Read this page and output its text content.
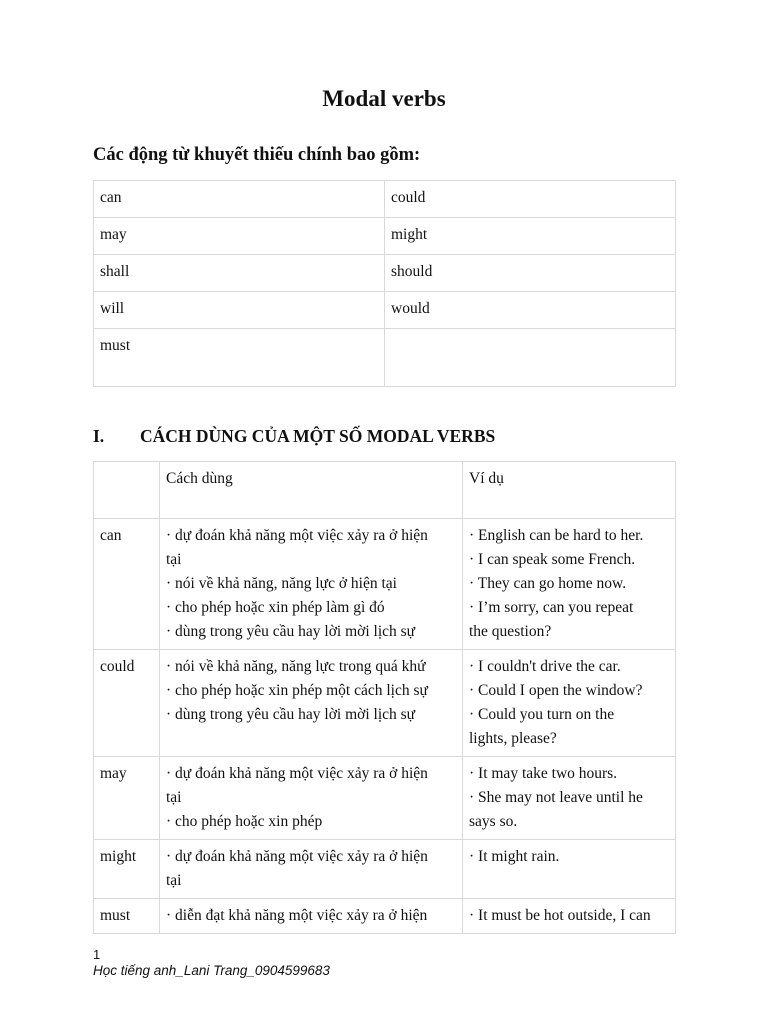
Modal verbs
Các động từ khuyết thiếu chính bao gồm:
can	could
may	might
shall	should
will	would
must	
I. CÁCH DÙNG CỦA MỘT SỐ MODAL VERBS
	Cách dùng	Ví dụ
can	· dự đoán khả năng một việc xảy ra ở hiện
tại
· nói về khả năng, năng lực ở hiện tại
· cho phép hoặc xin phép làm gì đó
· dùng trong yêu cầu hay lời mời lịch sự	· English can be hard to her.
· I can speak some French.
· They can go home now.
· I’m sorry, can you repeat
the question?

could	· nói về khả năng, năng lực trong quá khứ
· cho phép hoặc xin phép một cách lịch sự
· dùng trong yêu cầu hay lời mời lịch sự	· I couldn't drive the car.
· Could I open the window?
· Could you turn on the
lights, please?

may	· dự đoán khả năng một việc xảy ra ở hiện
tại
· cho phép hoặc xin phép	· It may take two hours.
· She may not leave until he
says so.

might	· dự đoán khả năng một việc xảy ra ở hiện
tại	· It might rain.

must	· diễn đạt khả năng một việc xảy ra ở hiện	· It must be hot outside, I can
1
Học tiếng anh_Lani Trang_0904599683
